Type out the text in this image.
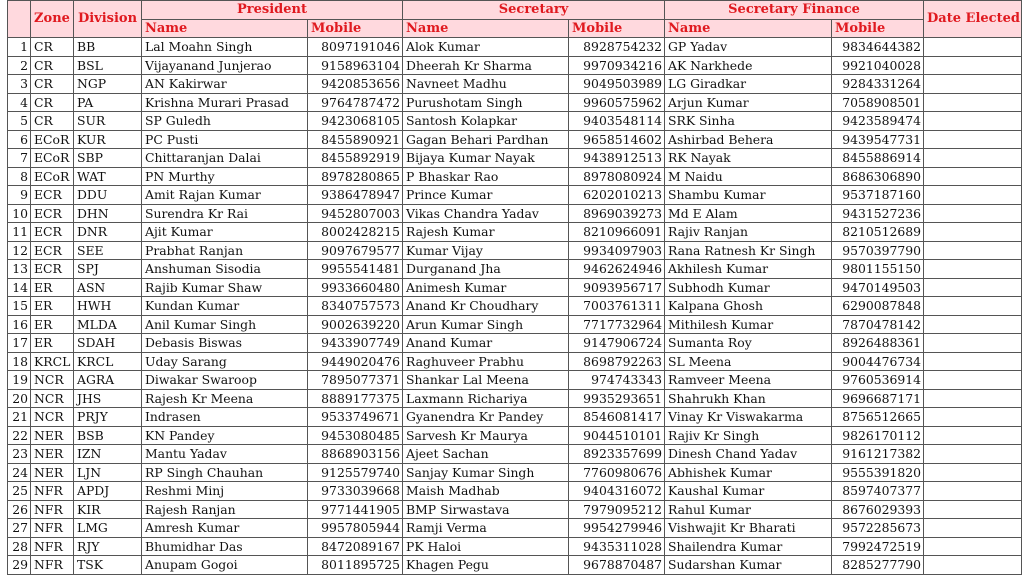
	Zone	Division	President		Secretary		Secretary Finance		Date Elected
			Name	Mobile	Name	Mobile	Name	Mobile	
1	CR	BB	Lal Moahn Singh	8097191046	Alok Kumar	8928754232	GP Yadav	9834644382	
2	CR	BSL	Vijayanand Junjerao	9158963104	Dheerah Kr Sharma	9970934216	AK Narkhede	9921040028	
3	CR	NGP	AN Kakirwar	9420853656	Navneet Madhu	9049503989	LG Giradkar	9284331264	
4	CR	PA	Krishna Murari Prasad	9764787472	Purushotam Singh	9960575962	Arjun Kumar	7058908501	
5	CR	SUR	SP Guledh	9423068105	Santosh Kolapkar	9403548114	SRK Sinha	9423589474	
6	ECoR	KUR	PC Pusti	8455890921	Gagan Behari Pardhan	9658514602	Ashirbad Behera	9439547731	
7	ECoR	SBP	Chittaranjan Dalai	8455892919	Bijaya Kumar Nayak	9438912513	RK Nayak	8455886914	
8	ECoR	WAT	PN Murthy	8978280865	P Bhaskar Rao	8978080924	M Naidu	8686306890	
9	ECR	DDU	Amit Rajan Kumar	9386478947	Prince Kumar	6202010213	Shambu Kumar	9537187160	
10	ECR	DHN	Surendra Kr Rai	9452807003	Vikas Chandra Yadav	8969039273	Md E Alam	9431527236	
11	ECR	DNR	Ajit Kumar	8002428215	Rajesh Kumar	8210966091	Rajiv Ranjan	8210512689	
12	ECR	SEE	Prabhat Ranjan	9097679577	Kumar Vijay	9934097903	Rana Ratnesh Kr Singh	9570397790	
13	ECR	SPJ	Anshuman Sisodia	9955541481	Durganand Jha	9462624946	Akhilesh Kumar	9801155150	
14	ER	ASN	Rajib Kumar Shaw	9933660480	Animesh Kumar	9093956717	Subhodh Kumar	9470149503	
15	ER	HWH	Kundan Kumar	8340757573	Anand Kr Choudhary	7003761311	Kalpana Ghosh	6290087848	
16	ER	MLDA	Anil Kumar Singh	9002639220	Arun Kumar Singh	7717732964	Mithilesh Kumar	7870478142	
17	ER	SDAH	Debasis Biswas	9433907749	Anand Kumar	9147906724	Sumanta Roy	8926488361	
18	KRCL	KRCL	Uday Sarang	9449020476	Raghuveer Prabhu	8698792263	SL Meena	9004476734	
19	NCR	AGRA	Diwakar Swaroop	7895077371	Shankar Lal Meena	974743343	Ramveer Meena	9760536914	
20	NCR	JHS	Rajesh Kr Meena	8889177375	Laxmann Richariya	9935293651	Shahrukh Khan	9696687171	
21	NCR	PRJY	Indrasen	9533749671	Gyanendra Kr Pandey	8546081417	Vinay Kr Viswakarma	8756512665	
22	NER	BSB	KN Pandey	9453080485	Sarvesh Kr Maurya	9044510101	Rajiv Kr Singh	9826170112	
23	NER	IZN	Mantu Yadav	8868903156	Ajeet Sachan	8923357699	Dinesh Chand Yadav	9161217382	
24	NER	LJN	RP Singh Chauhan	9125579740	Sanjay Kumar Singh	7760980676	Abhishek Kumar	9555391820	
25	NFR	APDJ	Reshmi Minj	9733039668	Maish Madhab	9404316072	Kaushal Kumar	8597407377	
26	NFR	KIR	Rajesh Ranjan	9771441905	BMP Sirwastava	7979095212	Rahul Kumar	8676029393	
27	NFR	LMG	Amresh Kumar	9957805944	Ramji Verma	9954279946	Vishwajit Kr Bharati	9572285673	
28	NFR	RJY	Bhumidhar Das	8472089167	PK Haloi	9435311028	Shailendra Kumar	7992472519	
29	NFR	TSK	Anupam Gogoi	8011895725	Khagen Pegu	9678870487	Sudarshan Kumar	8285277790	
